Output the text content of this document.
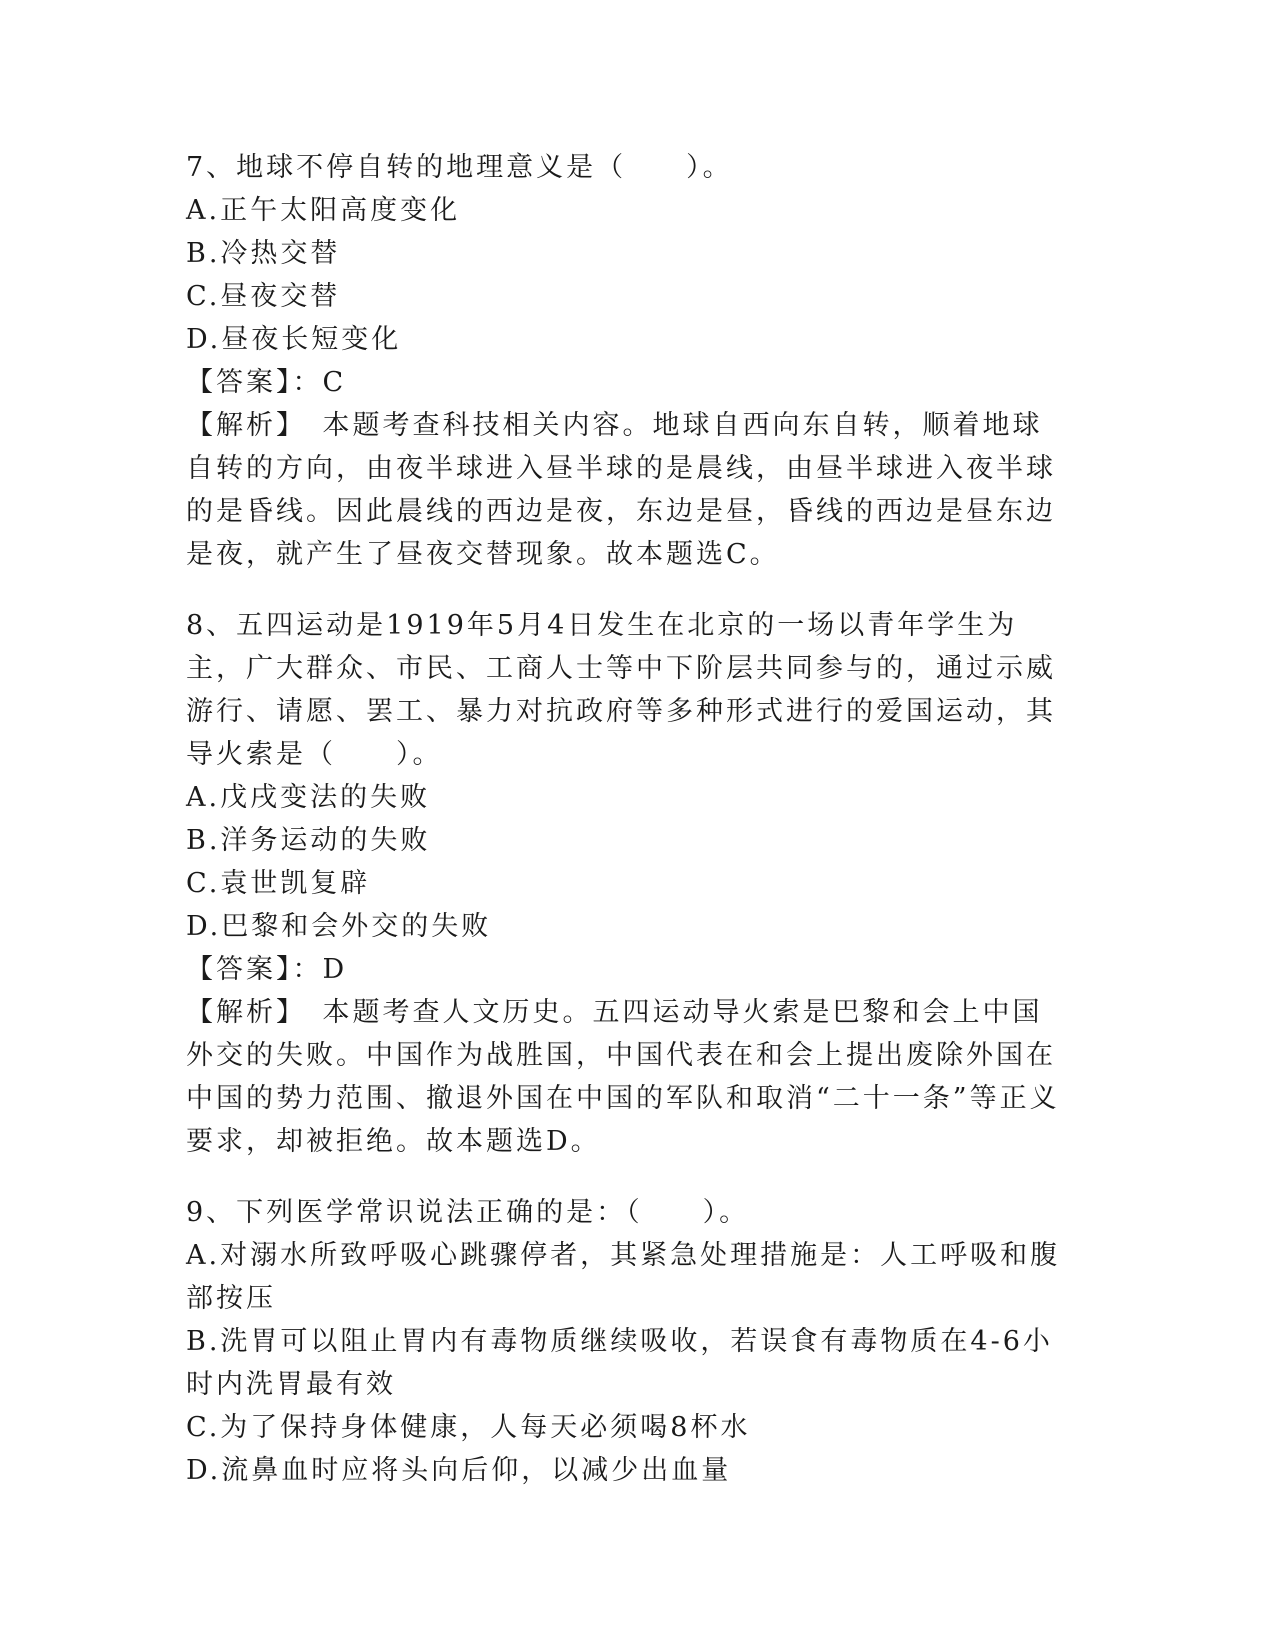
7、地球不停自转的地理意义是（　　）。
A.正午太阳高度变化
B.冷热交替
C.昼夜交替
D.昼夜长短变化
【答案】：C
【解析】　本题考查科技相关内容。地球自西向东自转，顺着地球自转的方向，由夜半球进入昼半球的是晨线，由昼半球进入夜半球的是昏线。因此晨线的西边是夜，东边是昼，昏线的西边是昼东边是夜，就产生了昼夜交替现象。故本题选C。
8、五四运动是1919年5月4日发生在北京的一场以青年学生为主，广大群众、市民、工商人士等中下阶层共同参与的，通过示威游行、请愿、罢工、暴力对抗政府等多种形式进行的爱国运动，其导火索是（　　）。
A.戊戌变法的失败
B.洋务运动的失败
C.袁世凯复辟
D.巴黎和会外交的失败
【答案】：D
【解析】　本题考查人文历史。五四运动导火索是巴黎和会上中国外交的失败。中国作为战胜国，中国代表在和会上提出废除外国在中国的势力范围、撤退外国在中国的军队和取消“二十一条”等正义要求，却被拒绝。故本题选D。
9、下列医学常识说法正确的是：（　　）。
A.对溺水所致呼吸心跳骤停者，其紧急处理措施是：人工呼吸和腹部按压
B.洗胃可以阻止胃内有毒物质继续吸收，若误食有毒物质在4-6小时内洗胃最有效
C.为了保持身体健康，人每天必须喝8杯水
D.流鼻血时应将头向后仰，以减少出血量
